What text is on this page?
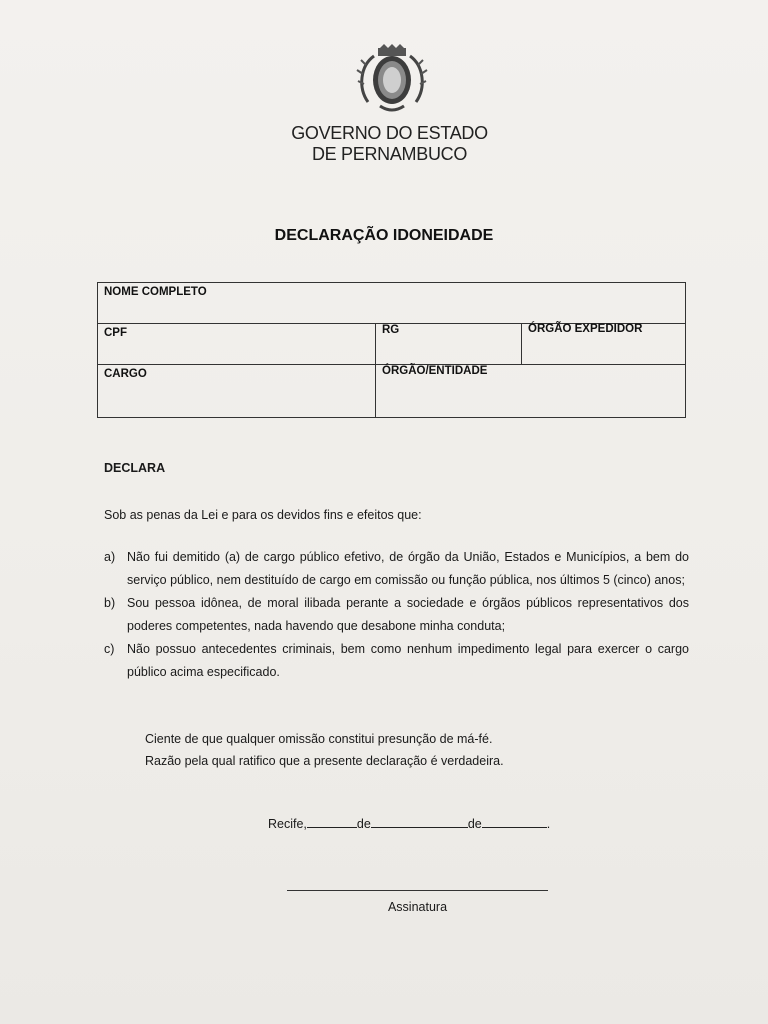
GOVERNO DO ESTADO
DE PERNAMBUCO
DECLARAÇÃO IDONEIDADE
NOME COMPLETO
CPF	RG	ÓRGÃO EXPEDIDOR
CARGO	ÓRGÃO/ENTIDADE
DECLARA
Sob as penas da Lei e para os devidos fins e efeitos que:
a) Não fui demitido (a) de cargo público efetivo, de órgão da União, Estados e Municípios, a bem do serviço público, nem destituído de cargo em comissão ou função pública, nos últimos 5 (cinco) anos;
b) Sou pessoa idônea, de moral ilibada perante a sociedade e órgãos públicos representativos dos poderes competentes, nada havendo que desabone minha conduta;
c)	Não possuo antecedentes criminais, bem como nenhum impedimento legal para exercer o cargo público acima especificado.
Ciente de que qualquer omissão constitui presunção de má-fé.
Razão pela qual ratifico que a presente declaração é verdadeira.
Recife,	de	de	.
Assinatura
